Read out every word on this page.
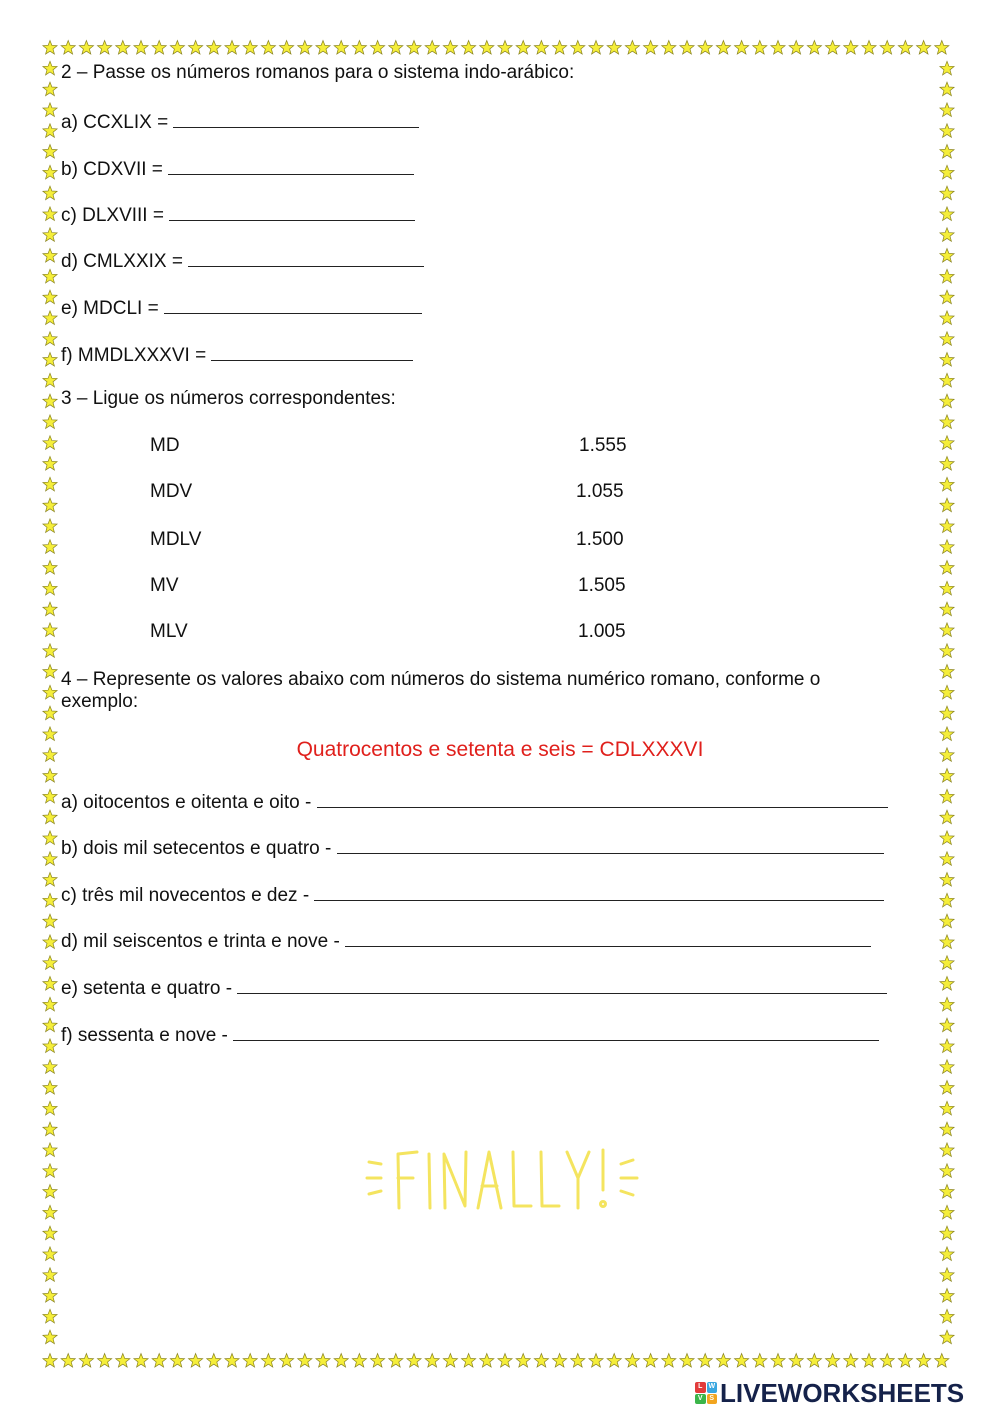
2 – Passe os números romanos para o sistema indo-arábico:
a) CCXLIX =
b) CDXVII =
c) DLXVIII =
d) CMLXXIX =
e) MDCLI =
f) MMDLXXXVI =
3 – Ligue os números correspondentes:
MD
MDV
MDLV
MV
MLV
1.555
1.055
1.500
1.505
1.005
4 – Represente os valores abaixo com números do sistema numérico romano, conforme o exemplo:
Quatrocentos e setenta e seis = CDLXXXVI
a) oitocentos e oitenta e oito -
b) dois mil setecentos e quatro -
c) três mil novecentos e dez -
d) mil seiscentos e trinta e nove -
e) setenta e quatro -
f) sessenta e nove -
L W
V S LIVEWORKSHEETS
